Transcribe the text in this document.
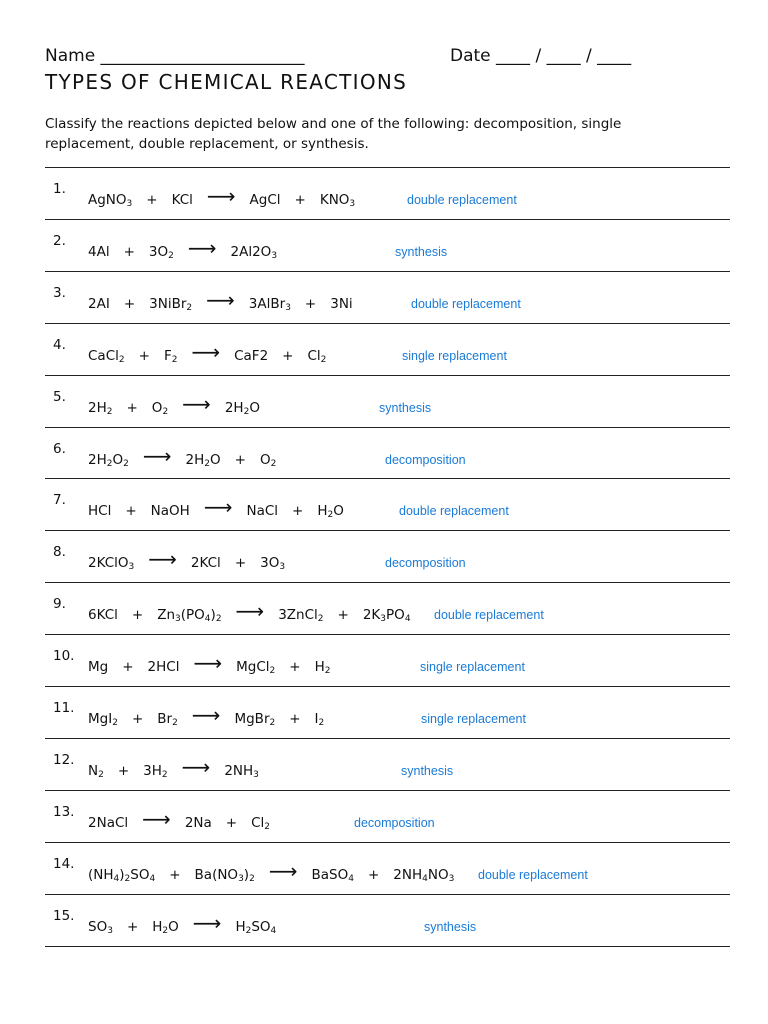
Name ________________________	Date ____ / ____ / ____
TYPES OF CHEMICAL REACTIONS
Classify the reactions depicted below and one of the following: decomposition, single replacement, double replacement, or synthesis.
1.
AgNO$_3$ + KCl ⟶ AgCl + $KNO_3$	double replacement
2.
$4Al + 3O_2$ ⟶ $2Al2O_3$	synthesis
3.
2AI + 3NiBr$_2$ ⟶ 3AlBr$_3$ + 3Ni	double replacement
4.
CaCl$_2$ + $F_2$ ⟶ $CaF2 + Cl_2$	single replacement
5.
$2H_2 + O_2$ ⟶ $2H_2O$	synthesis
6.
$2H_2O_2$ ⟶ $2H_2O + O_2$	decomposition
7.
HCl + NaOH ⟶ NaCl + $H_2O$	double replacement
8.
2KClO$_3$ ⟶ $2KCl + 3O_3$	decomposition
9.
$6KCl + Zn_3(PO_4)_2$ ⟶ 3ZnCl$_2$ + $2K_3PO_4$ double replacement
10.
Mg + 2HCl ⟶ MgCl$_2$ + $H_2$	single replacement
11.
$MgI_2 + Br_2$ ⟶ MgBr$_2$ + $I_2$	single replacement
12.
$N_2 + 3H_2$ ⟶ $2NH_3$	synthesis
13.
2NaCl ⟶ $2Na + Cl_2$	decomposition
14.
$(NH_4)_2SO_4 + Ba(NO_3)_2$ ⟶ BaSO$_4$ + $2NH_4NO_3$ double replacement
15.
$SO_3 + H_2O$ ⟶ $H_2SO_4$	synthesis
